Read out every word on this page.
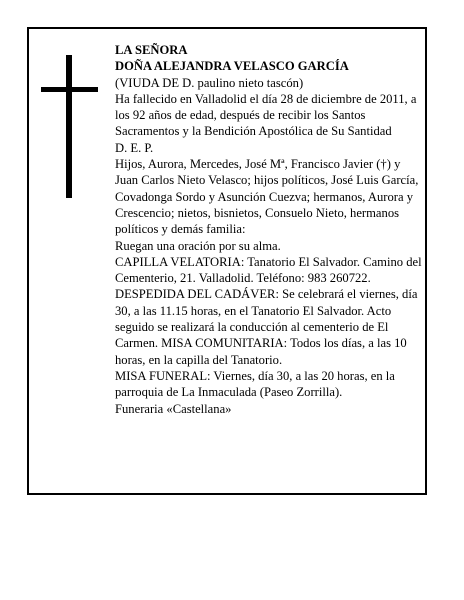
LA SEÑORA

DOÑA ALEJANDRA VELASCO GARCÍA

(VIUDA DE D. paulino nieto tascón)

Ha fallecido en Valladolid el día 28 de diciembre de 2011, a los 92 años de edad, después de recibir los Santos Sacramentos y la Bendición Apostólica de Su Santidad

D. E. P.

Hijos, Aurora, Mercedes, José Mª, Francisco Javier (†) y Juan Carlos Nieto Velasco; hijos políticos, José Luis García, Covadonga Sordo y Asunción Cuezva; hermanos, Aurora y Crescencio; nietos, bisnietos, Consuelo Nieto, hermanos políticos y demás familia:

Ruegan una oración por su alma.

CAPILLA VELATORIA: Tanatorio El Salvador. Camino del Cementerio, 21. Valladolid. Teléfono: 983 260722.

DESPEDIDA DEL CADÁVER: Se celebrará el viernes, día 30, a las 11.15 horas, en el Tanatorio El Salvador. Acto seguido se realizará la conducción al cementerio de El Carmen. MISA COMUNITARIA: Todos los días, a las 10 horas, en la capilla del Tanatorio.

MISA FUNERAL: Viernes, día 30, a las 20 horas, en la parroquia de La Inmaculada (Paseo Zorrilla).

Funeraria «Castellana»
